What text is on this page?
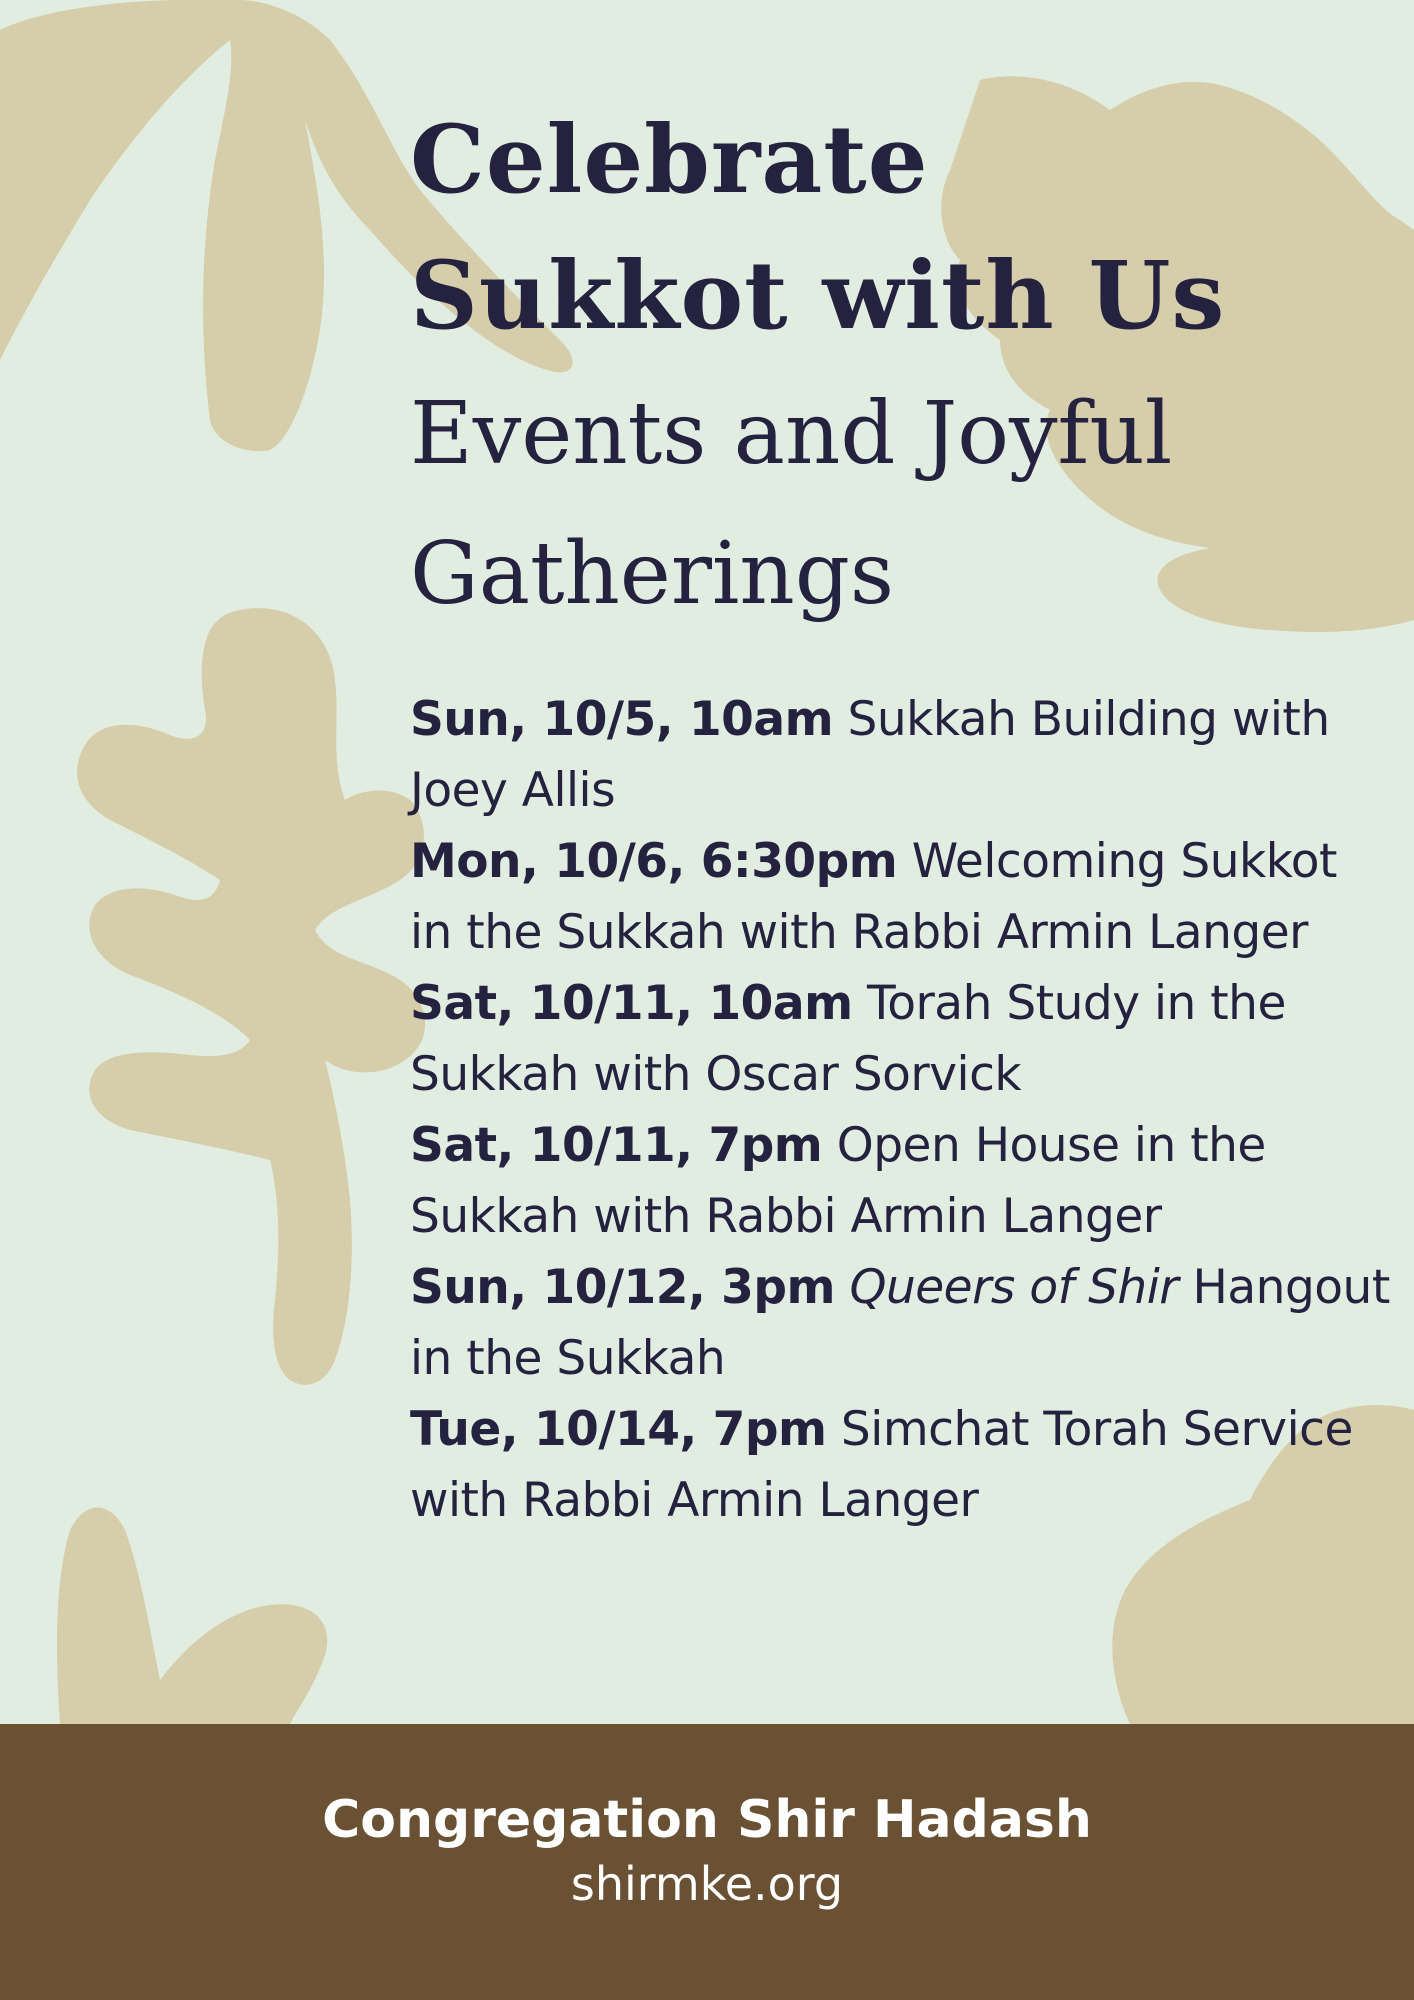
Celebrate
Sukkot with Us
Events and Joyful
Gatherings

Sun, 10/5, 10am Sukkah Building with Joey Allis

Mon, 10/6, 6:30pm Welcoming Sukkot in the Sukkah with Rabbi Armin Langer

Sat, 10/11, 10am Torah Study in the Sukkah with Oscar Sorvick

Sat, 10/11, 7pm Open House in the Sukkah with Rabbi Armin Langer

Sun, 10/12, 3pm Queers of Shir Hangout in the Sukkah

Tue, 10/14, 7pm Simchat Torah Service with Rabbi Armin Langer

Congregation Shir Hadash
shirmke.org
